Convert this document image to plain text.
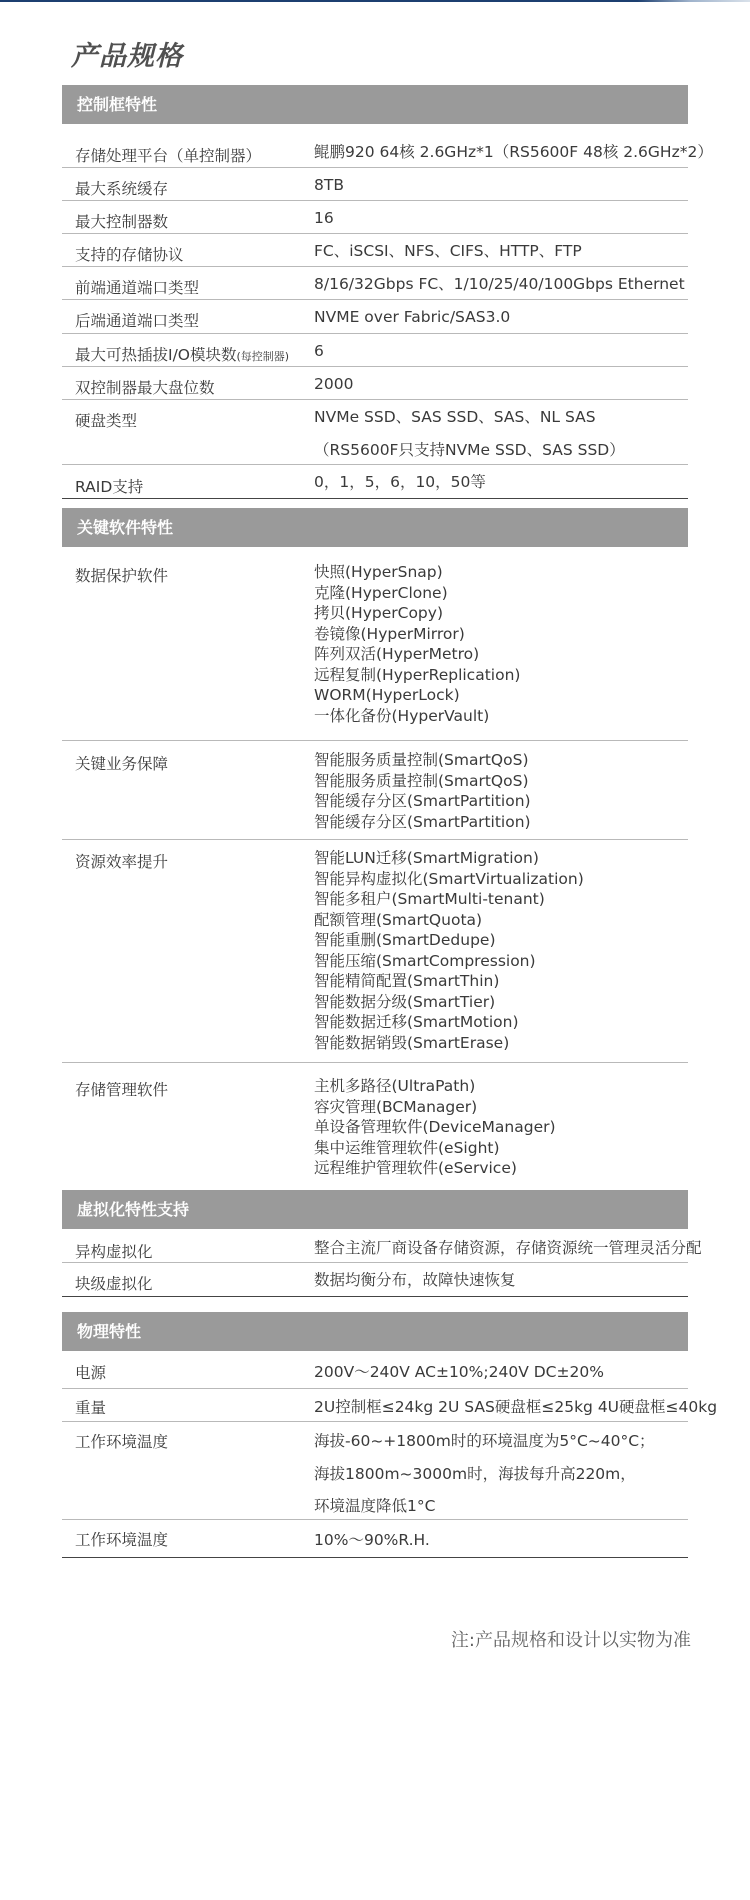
产品规格
控制框特性
存储处理平台（单控制器）	鲲鹏920 64核 2.6GHz*1（RS5600F 48核 2.6GHz*2）
最大系统缓存	8TB
最大控制器数	16
支持的存储协议	FC、iSCSI、NFS、CIFS、HTTP、FTP
前端通道端口类型	8/16/32Gbps FC、1/10/25/40/100Gbps Ethernet
后端通道端口类型	NVME over Fabric/SAS3.0
最大可热插拔I/O模块数(每控制器) 6
双控制器最大盘位数	2000
硬盘类型	NVMe SSD、SAS SSD、SAS、NL SAS
（RS5600F只支持NVMe SSD、SAS SSD）
RAID支持	0，1，5，6，10，50等
关键软件特性
数据保护软件	快照(HyperSnap)
克隆(HyperClone)
拷贝(HyperCopy)
卷镜像(HyperMirror)
阵列双活(HyperMetro)
远程复制(HyperReplication)
WORM(HyperLock)
一体化备份(HyperVault)
关键业务保障	智能服务质量控制(SmartQoS)
智能服务质量控制(SmartQoS)
智能缓存分区(SmartPartition)
智能缓存分区(SmartPartition)
资源效率提升	智能LUN迁移(SmartMigration)
智能异构虚拟化(SmartVirtualization)
智能多租户(SmartMulti-tenant)
配额管理(SmartQuota)
智能重删(SmartDedupe)
智能压缩(SmartCompression)
智能精简配置(SmartThin)
智能数据分级(SmartTier)
智能数据迁移(SmartMotion)
智能数据销毁(SmartErase)
存储管理软件	主机多路径(UltraPath)
容灾管理(BCManager)
单设备管理软件(DeviceManager)
集中运维管理软件(eSight)
远程维护管理软件(eService)
虚拟化特性支持
异构虚拟化	整合主流厂商设备存储资源，存储资源统一管理灵活分配
块级虚拟化	数据均衡分布，故障快速恢复
物理特性
电源	200V～240V AC±10%;240V DC±20%
重量	2U控制框≤24kg 2U SAS硬盘框≤25kg 4U硬盘框≤40kg
工作环境温度	海拔-60~+1800m时的环境温度为5°C~40°C；
海拔1800m~3000m时，海拔每升高220m，
环境温度降低1°C
工作环境温度	10%～90%R.H.
注:产品规格和设计以实物为准
